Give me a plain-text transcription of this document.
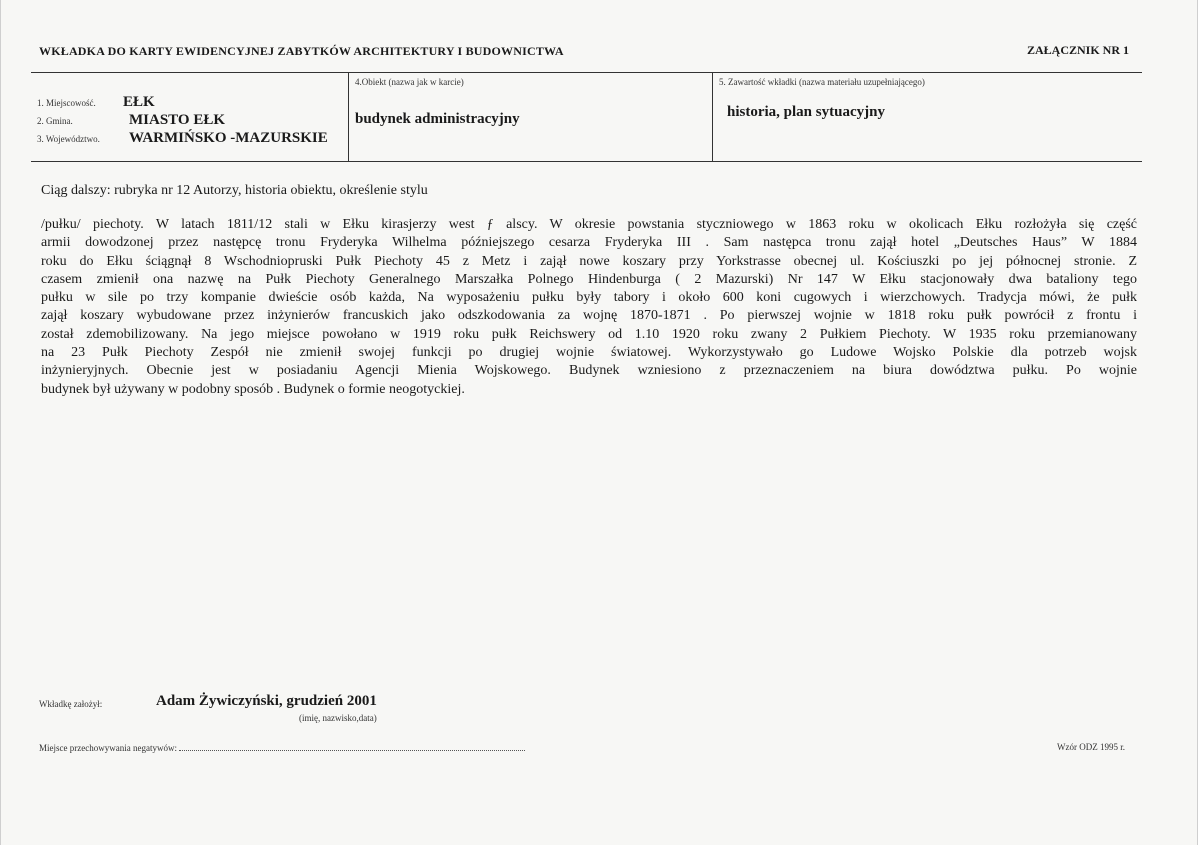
WKŁADKA DO KARTY EWIDENCYJNEJ ZABYTKÓW ARCHITEKTURY I BUDOWNICTWA	ZAŁĄCZNIK NR 1
1. Miejscowość. EŁK
2. Gmina.	MIASTO EŁK
3. Województwo. WARMIŃSKO -MAZURSKIE
4.Obiekt (nazwa jak w karcie)
budynek administracyjny
5. Zawartość wkładki (nazwa materiału uzupełniającego)
historia, plan sytuacyjny
Ciąg dalszy: rubryka nr 12 Autorzy, historia obiektu, określenie stylu
/pułku/ piechoty. W latach 1811/12 stali w Ełku kirasjerzy west ƒ alscy. W okresie powstania styczniowego w 1863 roku w okolicach Ełku rozłożyła się część
armii dowodzonej przez następcę tronu Fryderyka Wilhelma późniejszego cesarza Fryderyka III . Sam następca tronu zajął hotel „Deutsches Haus” W 1884
roku do Ełku ściągnął 8 Wschodniopruski Pułk Piechoty 45 z Metz i zajął nowe koszary przy Yorkstrasse obecnej ul. Kościuszki po jej północnej stronie. Z
czasem zmienił ona nazwę na Pułk Piechoty Generalnego Marszałka Polnego Hindenburga ( 2 Mazurski) Nr 147 W Ełku stacjonowały dwa bataliony tego
pułku w sile po trzy kompanie dwieście osób każda, Na wyposażeniu pułku były tabory i około 600 koni cugowych i wierzchowych. Tradycja mówi, że pułk
zajął koszary wybudowane przez inżynierów francuskich jako odszkodowania za wojnę 1870-1871 . Po pierwszej wojnie w 1818 roku pułk powrócił z frontu i
został zdemobilizowany. Na jego miejsce powołano w 1919 roku pułk Reichswery od 1.10 1920 roku zwany 2 Pułkiem Piechoty. W 1935 roku przemianowany
na 23 Pułk Piechoty Zespół nie zmienił swojej funkcji po drugiej wojnie światowej. Wykorzystywało go Ludowe Wojsko Polskie dla potrzeb wojsk
inżynieryjnych. Obecnie jest w posiadaniu Agencji Mienia Wojskowego. Budynek wzniesiono z przeznaczeniem na biura dowództwa pułku. Po wojnie
budynek był używany w podobny sposób . Budynek o formie neogotyckiej.
Wkładkę założył:	Adam Żywiczyński, grudzień 2001
(imię, nazwisko,data)
Miejsce przechowywania negatywów:	Wzór ODZ 1995 r.
